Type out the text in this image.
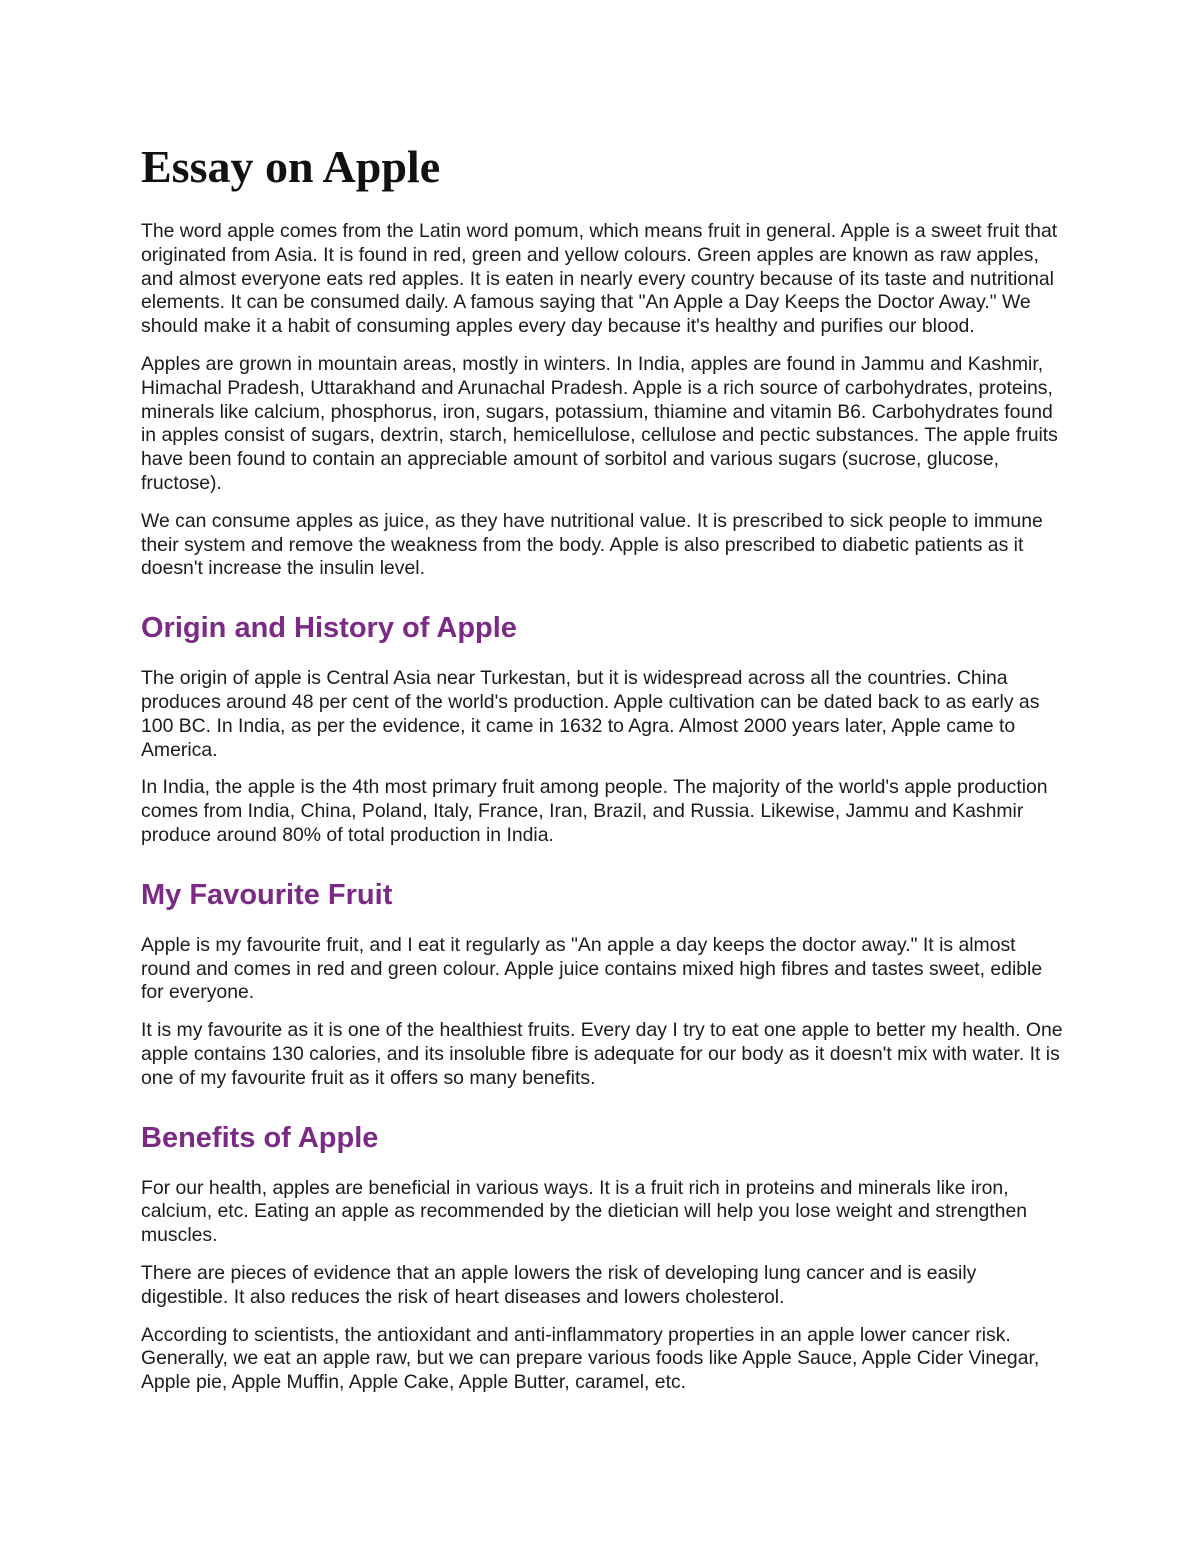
Essay on Apple

The word apple comes from the Latin word pomum, which means fruit in general. Apple is a sweet fruit that originated from Asia. It is found in red, green and yellow colours. Green apples are known as raw apples, and almost everyone eats red apples. It is eaten in nearly every country because of its taste and nutritional elements. It can be consumed daily. A famous saying that "An Apple a Day Keeps the Doctor Away." We should make it a habit of consuming apples every day because it's healthy and purifies our blood.

Apples are grown in mountain areas, mostly in winters. In India, apples are found in Jammu and Kashmir, Himachal Pradesh, Uttarakhand and Arunachal Pradesh. Apple is a rich source of carbohydrates, proteins, minerals like calcium, phosphorus, iron, sugars, potassium, thiamine and vitamin B6. Carbohydrates found in apples consist of sugars, dextrin, starch, hemicellulose, cellulose and pectic substances. The apple fruits have been found to contain an appreciable amount of sorbitol and various sugars (sucrose, glucose, fructose).

We can consume apples as juice, as they have nutritional value. It is prescribed to sick people to immune their system and remove the weakness from the body. Apple is also prescribed to diabetic patients as it doesn't increase the insulin level.

Origin and History of Apple

The origin of apple is Central Asia near Turkestan, but it is widespread across all the countries. China produces around 48 per cent of the world's production. Apple cultivation can be dated back to as early as 100 BC. In India, as per the evidence, it came in 1632 to Agra. Almost 2000 years later, Apple came to America.

In India, the apple is the 4th most primary fruit among people. The majority of the world's apple production comes from India, China, Poland, Italy, France, Iran, Brazil, and Russia. Likewise, Jammu and Kashmir produce around 80% of total production in India.

My Favourite Fruit

Apple is my favourite fruit, and I eat it regularly as "An apple a day keeps the doctor away." It is almost round and comes in red and green colour. Apple juice contains mixed high fibres and tastes sweet, edible for everyone.

It is my favourite as it is one of the healthiest fruits. Every day I try to eat one apple to better my health. One apple contains 130 calories, and its insoluble fibre is adequate for our body as it doesn't mix with water. It is one of my favourite fruit as it offers so many benefits.

Benefits of Apple

For our health, apples are beneficial in various ways. It is a fruit rich in proteins and minerals like iron, calcium, etc. Eating an apple as recommended by the dietician will help you lose weight and strengthen muscles.

There are pieces of evidence that an apple lowers the risk of developing lung cancer and is easily digestible. It also reduces the risk of heart diseases and lowers cholesterol.

According to scientists, the antioxidant and anti-inflammatory properties in an apple lower cancer risk. Generally, we eat an apple raw, but we can prepare various foods like Apple Sauce, Apple Cider Vinegar, Apple pie, Apple Muffin, Apple Cake, Apple Butter, caramel, etc.
